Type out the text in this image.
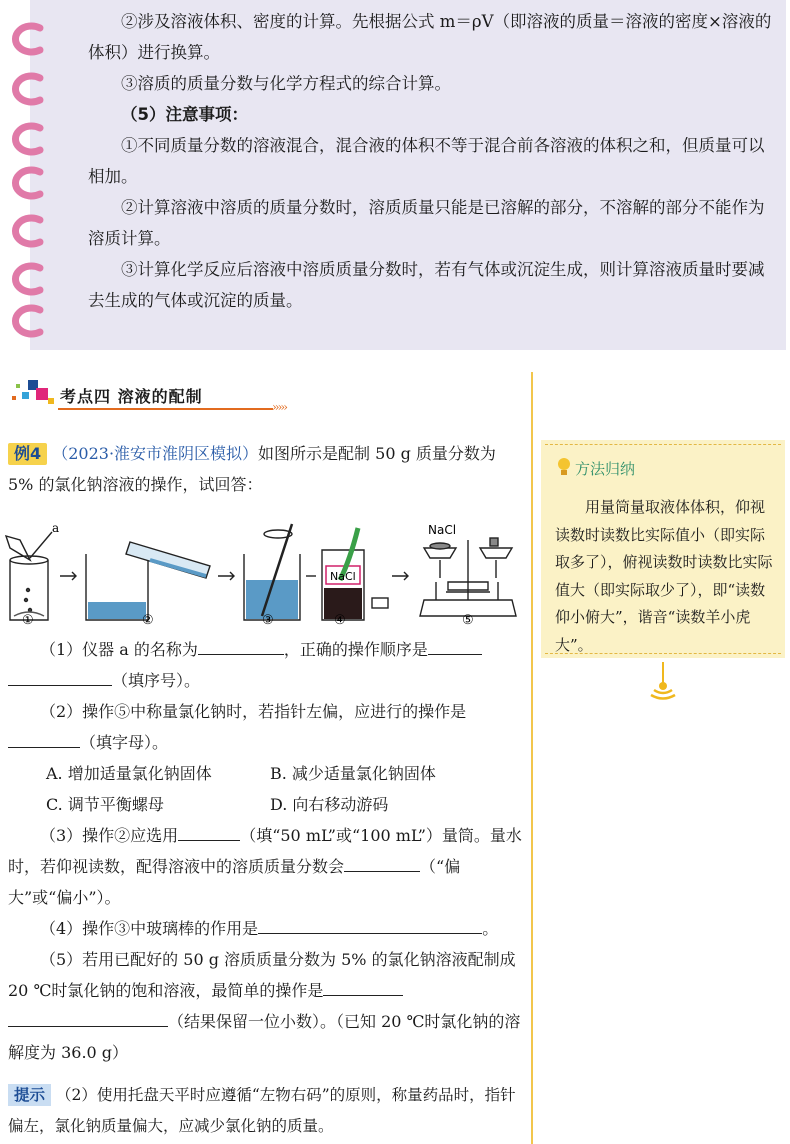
②涉及溶液体积、密度的计算。先根据公式 m＝ρV（即溶液的质量＝溶液的密度×溶液的体积）进行换算。

③溶质的质量分数与化学方程式的综合计算。

（5）注意事项：

①不同质量分数的溶液混合，混合液的体积不等于混合前各溶液的体积之和，但质量可以相加。

②计算溶液中溶质的质量分数时，溶质质量只能是已溶解的部分，不溶解的部分不能作为溶质计算。

③计算化学反应后溶液中溶质质量分数时，若有气体或沉淀生成，则计算溶液质量时要减去生成的气体或沉淀的质量。

考点四 溶液的配制
›››››

例4 （2023·淮安市淮阴区模拟）如图所示是配制 50 g 质量分数为 5% 的氯化钠溶液的操作，试回答：

a
NaCl
NaCl
①	②	③	④	⑤

（1）仪器 a 的名称为	，正确的操作顺序是

（填序号）。

（2）操作⑤中称量氯化钠时，若指针左偏，应进行的操作是

（填字母）。

A. 增加适量氯化钠固体	B. 减少适量氯化钠固体

C. 调节平衡螺母	D. 向右移动游码

（3）操作②应选用	（填“50 mL”或“100 mL”）量筒。量水时，若仰视读数，配得溶液中的溶质质量分数会	（“偏大”或“偏小”）。

（4）操作③中玻璃棒的作用是	。

（5）若用已配好的 50 g 溶质质量分数为 5% 的氯化钠溶液配制成 20 ℃时氯化钠的饱和溶液，最简单的操作是

（结果保留一位小数）。（已知 20 ℃时氯化钠的溶解度为 36.0 g）

提示 （2）使用托盘天平时应遵循“左物右码”的原则，称量药品时，指针偏左，氯化钠质量偏大，应减少氯化钠的质量。

方法归纳
用量筒量取液体体积，仰视读数时读数比实际值小（即实际取多了），俯视读数时读数比实际值大（即实际取少了），即“读数仰小俯大”，谐音“读数羊小虎大”。
